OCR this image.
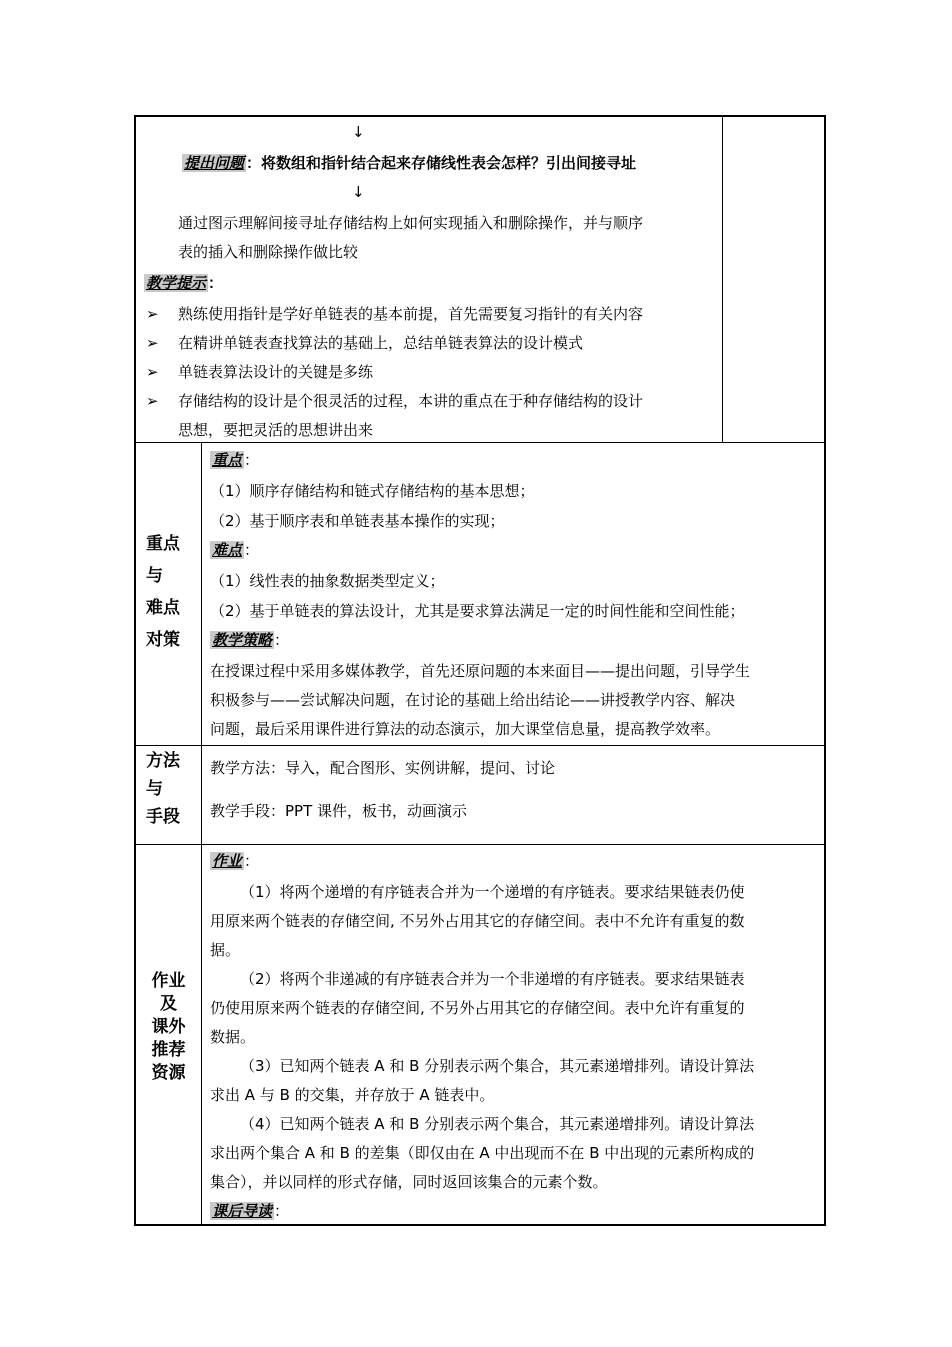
↓
提出问题 ：将数组和指针结合起来存储线性表会怎样？引出间接寻址
↓
通过图示理解间接寻址存储结构上如何实现插入和删除操作，并与顺序
表的插入和删除操作做比较
教学提示 ：
➢ 熟练使用指针是学好单链表的基本前提，首先需要复习指针的有关内容
➢ 在精讲单链表查找算法的基础上，总结单链表算法的设计模式
➢ 单链表算法设计的关键是多练
➢ 存储结构的设计是个很灵活的过程，本讲的重点在于种存储结构的设计
思想，要把灵活的思想讲出来
重点
与
难点
对策
重点 ：
（1）顺序存储结构和链式存储结构的基本思想；
（2）基于顺序表和单链表基本操作的实现；
难点 ：
（1）线性表的抽象数据类型定义；
（2）基于单链表的算法设计，尤其是要求算法满足一定的时间性能和空间性能；
教学策略 ：
在授课过程中采用多媒体教学，首先还原问题的本来面目——提出问题，引导学生
积极参与——尝试解决问题，在讨论的基础上给出结论——讲授教学内容、解决
问题，最后采用课件进行算法的动态演示，加大课堂信息量，提高教学效率。
方法
与
手段
教学方法：导入，配合图形、实例讲解，提问、讨论
教学手段：PPT 课件，板书，动画演示
作业
及
课外
推荐
资源
作业 ：
（1）将两个递增的有序链表合并为一个递增的有序链表。要求结果链表仍使
用原来两个链表的存储空间, 不另外占用其它的存储空间。表中不允许有重复的数
据。
（2）将两个非递减的有序链表合并为一个非递增的有序链表。要求结果链表
仍使用原来两个链表的存储空间, 不另外占用其它的存储空间。表中允许有重复的
数据。
（3）已知两个链表 A 和 B 分别表示两个集合，其元素递增排列。请设计算法
求出 A 与 B 的交集，并存放于 A 链表中。
（4）已知两个链表 A 和 B 分别表示两个集合，其元素递增排列。请设计算法
求出两个集合 A 和 B 的差集（即仅由在 A 中出现而不在 B 中出现的元素所构成的
集合），并以同样的形式存储，同时返回该集合的元素个数。
课后导读 ：
